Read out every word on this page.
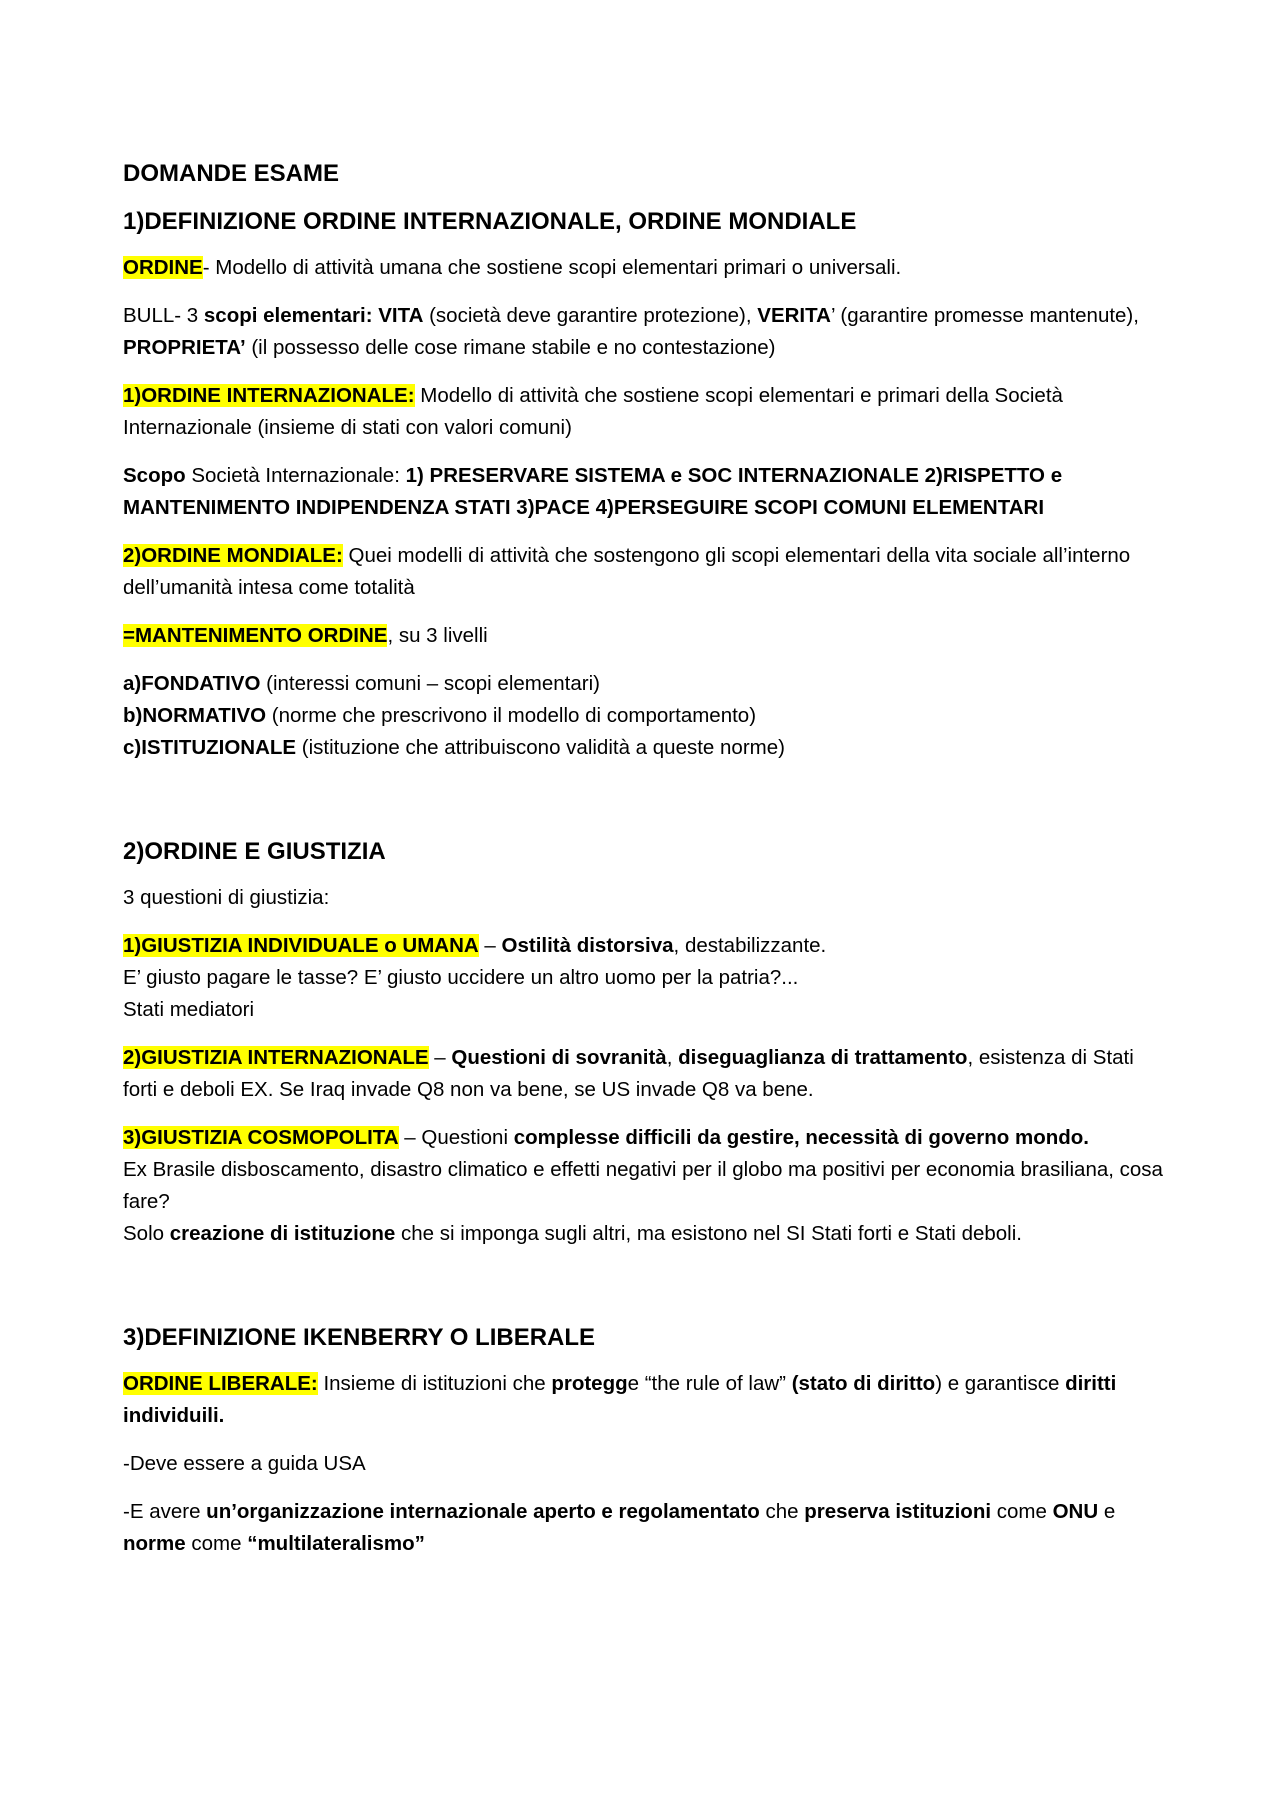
DOMANDE ESAME
1)DEFINIZIONE ORDINE INTERNAZIONALE, ORDINE MONDIALE

ORDINE- Modello di attività umana che sostiene scopi elementari primari o universali.

BULL- 3 scopi elementari: VITA (società deve garantire protezione), VERITA’ (garantire promesse mantenute), PROPRIETA’ (il possesso delle cose rimane stabile e no contestazione)

1)ORDINE INTERNAZIONALE: Modello di attività che sostiene scopi elementari e primari della Società Internazionale (insieme di stati con valori comuni)

Scopo Società Internazionale: 1) PRESERVARE SISTEMA e SOC INTERNAZIONALE 2)RISPETTO e MANTENIMENTO INDIPENDENZA STATI 3)PACE 4)PERSEGUIRE SCOPI COMUNI ELEMENTARI

2)ORDINE MONDIALE: Quei modelli di attività che sostengono gli scopi elementari della vita sociale all’interno dell’umanità intesa come totalità

=MANTENIMENTO ORDINE, su 3 livelli

a)FONDATIVO (interessi comuni – scopi elementari)
b)NORMATIVO (norme che prescrivono il modello di comportamento)
c)ISTITUZIONALE (istituzione che attribuiscono validità a queste norme)

2)ORDINE E GIUSTIZIA

3 questioni di giustizia:

1)GIUSTIZIA INDIVIDUALE o UMANA – Ostilità distorsiva, destabilizzante.
E’ giusto pagare le tasse? E’ giusto uccidere un altro uomo per la patria?...
Stati mediatori

2)GIUSTIZIA INTERNAZIONALE – Questioni di sovranità, diseguaglianza di trattamento, esistenza di Stati forti e deboli EX. Se Iraq invade Q8 non va bene, se US invade Q8 va bene.

3)GIUSTIZIA COSMOPOLITA – Questioni complesse difficili da gestire, necessità di governo mondo.
Ex Brasile disboscamento, disastro climatico e effetti negativi per il globo ma positivi per economia brasiliana, cosa fare?
Solo creazione di istituzione che si imponga sugli altri, ma esistono nel SI Stati forti e Stati deboli.

3)DEFINIZIONE IKENBERRY O LIBERALE

ORDINE LIBERALE: Insieme di istituzioni che protegge “the rule of law” (stato di diritto) e garantisce diritti individuili.

-Deve essere a guida USA

-E avere un’organizzazione internazionale aperto e regolamentato che preserva istituzioni come ONU e norme come “multilateralismo”
